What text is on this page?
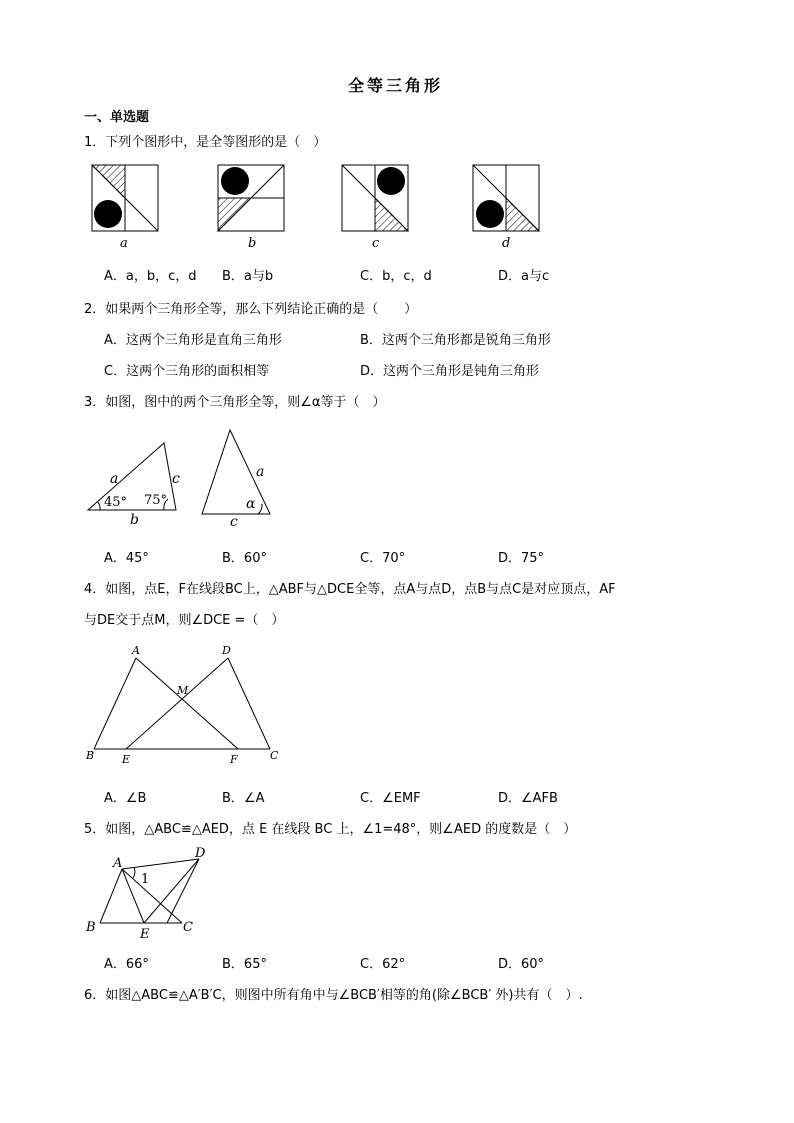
全等三角形
一、单选题
1．下列个图形中，是全等图形的是（　）
a	b	c	d
A．a，b，c，d B．a与b	C．b，c，d	D．a与c
2．如果两个三角形全等，那么下列结论正确的是（　　）
A．这两个三角形是直角三角形	B．这两个三角形都是锐角三角形
C．这两个三角形的面积相等	D．这两个三角形是钝角三角形
3．如图，图中的两个三角形全等，则∠α等于（　）
a	c
b
45° 75°
a
α
c
A．45°	B．60°	C．70°	D．75°
4．如图，点E，F在线段BC上，△ABF与△DCE全等，点A与点D，点B与点C是对应顶点，AF
与DE交于点M，则∠DCE =（　）
A	D
M
B	E	F	C
A．∠B	B．∠A	C．∠EMF	D．∠AFB
5．如图，△ABC≌△AED，点 E 在线段 BC 上，∠1=48°，则∠AED 的度数是（　）
A
D
1
B	E	C
A．66°	B．65°	C．62°	D．60°
6．如图△ABC≌△A′B′C，则图中所有角中与∠BCB′相等的角(除∠BCB′ 外)共有（　）.
